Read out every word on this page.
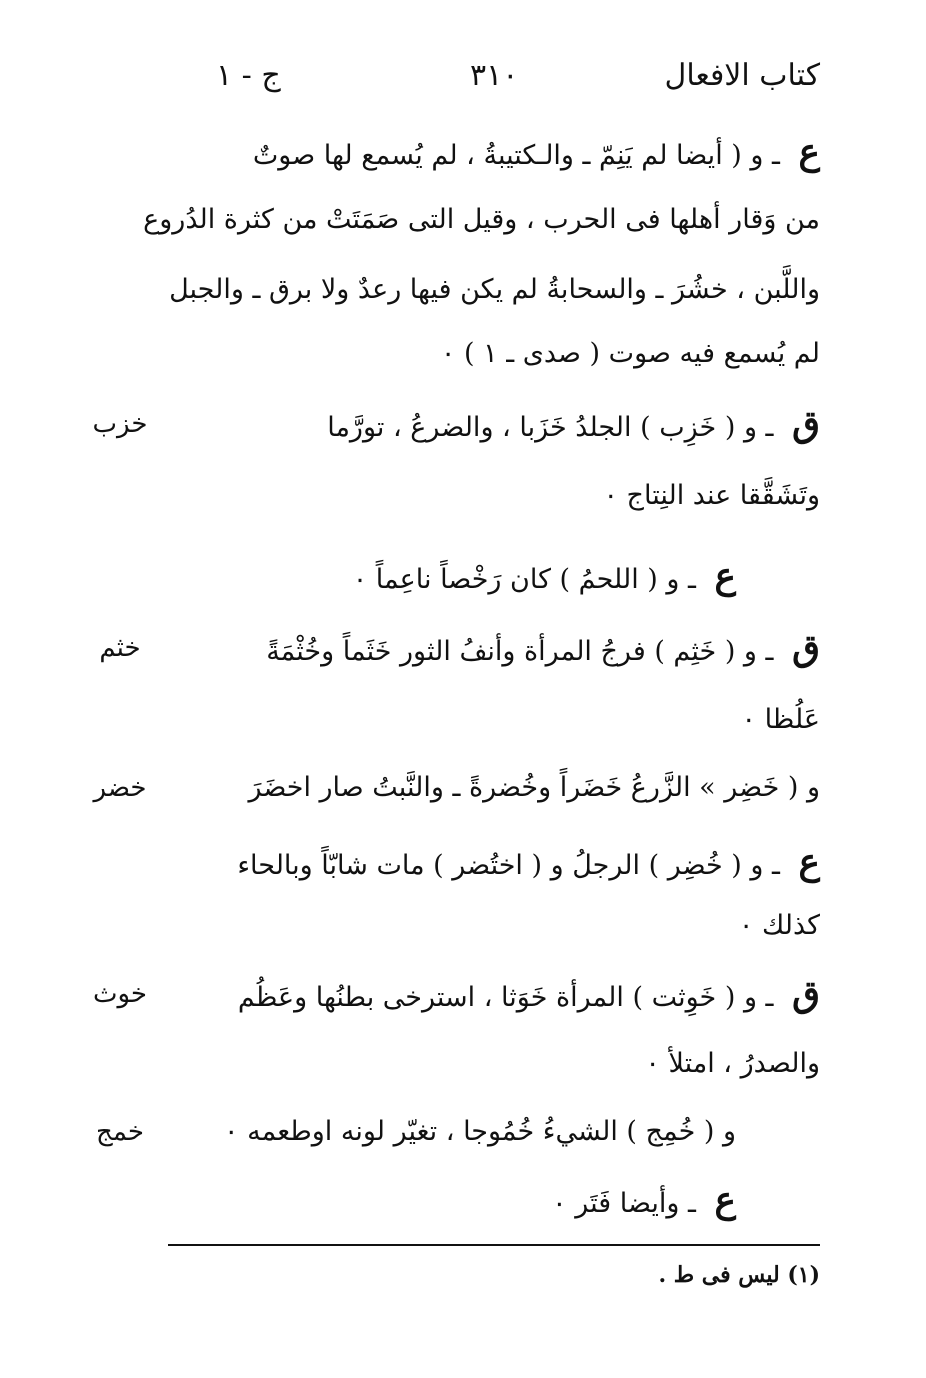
كتاب الافعال
٣١٠
ج - ١
ع ـ و ( أيضا لم يَنِمّ ـ والـكتيبةُ ، لم يُسمع لها صوتٌ
من وَقار أهلها فى الحرب ، وقيل التى صَمَتَتْ من كثرة الدُروع
واللَّبن ، خشُرَ ـ والسحابةُ لم يكن فيها رعدٌ ولا برق ـ والجبل
لم يُسمع فيه صوت ( صدى ـ ١ ) ٠
ق ـ و ( خَزِب ) الجلدُ خَزَبا ، والضرعُ ، تورَّما
خزب
وتَشَقَّقا عند النِتاج ٠
ع ـ و ( اللحمُ ) كان رَخْصاً ناعِماً ٠
ق ـ و ( خَثِم ) فرجُ المرأة وأنفُ الثور خَثَماً وخُثْمَةً
خثم
عَلُظا ٠
و ( خَضِر » الزَّرعُ خَضَراً وخُضرةً ـ والنَّبتُ صار اخضَرَ
خضر
ع ـ و ( خُضِر ) الرجلُ و ( اختُضر ) مات شابّاً وبالحاء
كذلك ٠
ق ـ و ( خَوِثت ) المرأة خَوَثا ، استرخى بطنُها وعَظُم
خوث
والصدرُ ، امتلأ ٠
و ( خُمِج ) الشيءُ خُمُوجا ، تغيّر لونه اوطعمه ٠
خمج
ع ـ وأيضا فَتَر ٠
(١) ليس فى ط .
